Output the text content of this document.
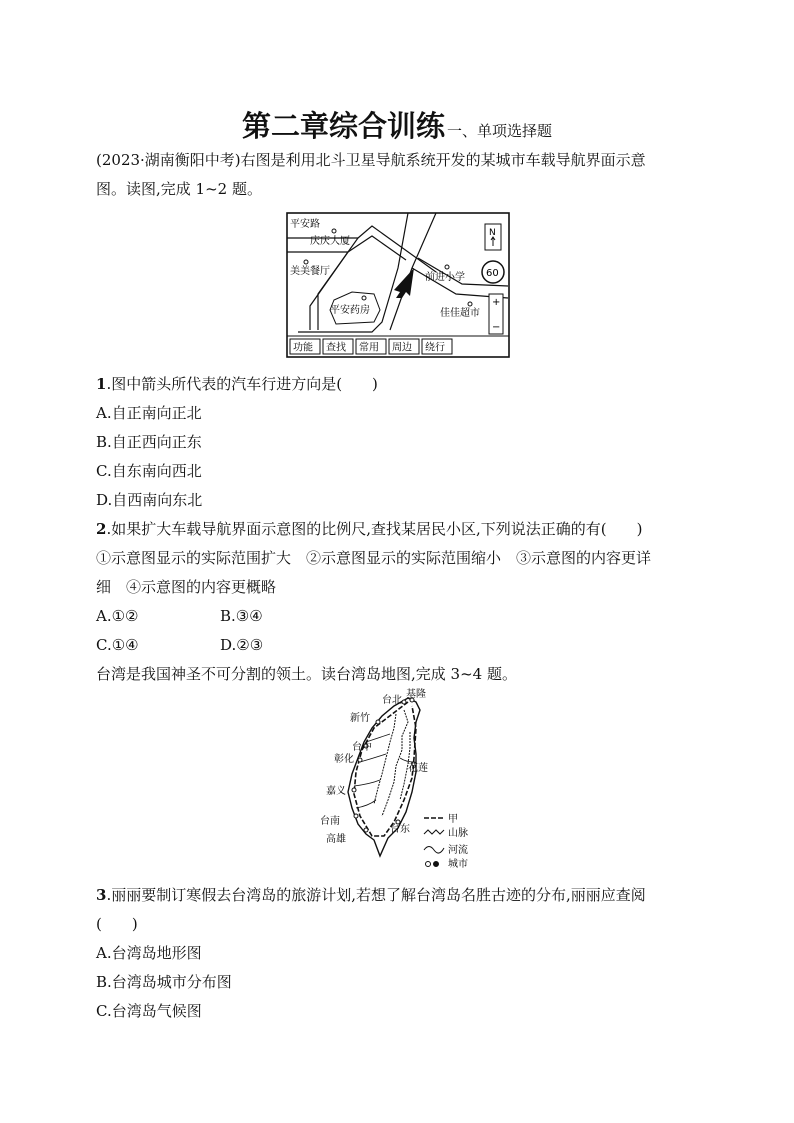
第二章综合训练 一、单项选择题
(2023·湖南衡阳中考)右图是利用北斗卫星导航系统开发的某城市车载导航界面示意
图。读图,完成 1~2 题。
平安路
庆庆大厦
美美餐厅
前进小学
平安药房	佳佳超市
N
60
+
−
功能 查找 常用 周边 绕行
1.图中箭头所代表的汽车行进方向是(　　)
A.自正南向正北
B.自正西向正东
C.自东南向西北
D.自西南向东北
2.如果扩大车载导航界面示意图的比例尺,查找某居民小区,下列说法正确的有(　　)
①示意图显示的实际范围扩大　②示意图显示的实际范围缩小　③示意图的内容更详
细　④示意图的内容更概略
A.①②	B.③④
C.①④	D.②③
台湾是我国神圣不可分割的领土。读台湾岛地图,完成 3~4 题。
台北
基隆
新竹
台中
彰化
花莲
嘉义
台南
高雄
台东
甲
山脉
河流
城市
3.丽丽要制订寒假去台湾岛的旅游计划,若想了解台湾岛名胜古迹的分布,丽丽应查阅
(　　)
A.台湾岛地形图
B.台湾岛城市分布图
C.台湾岛气候图
